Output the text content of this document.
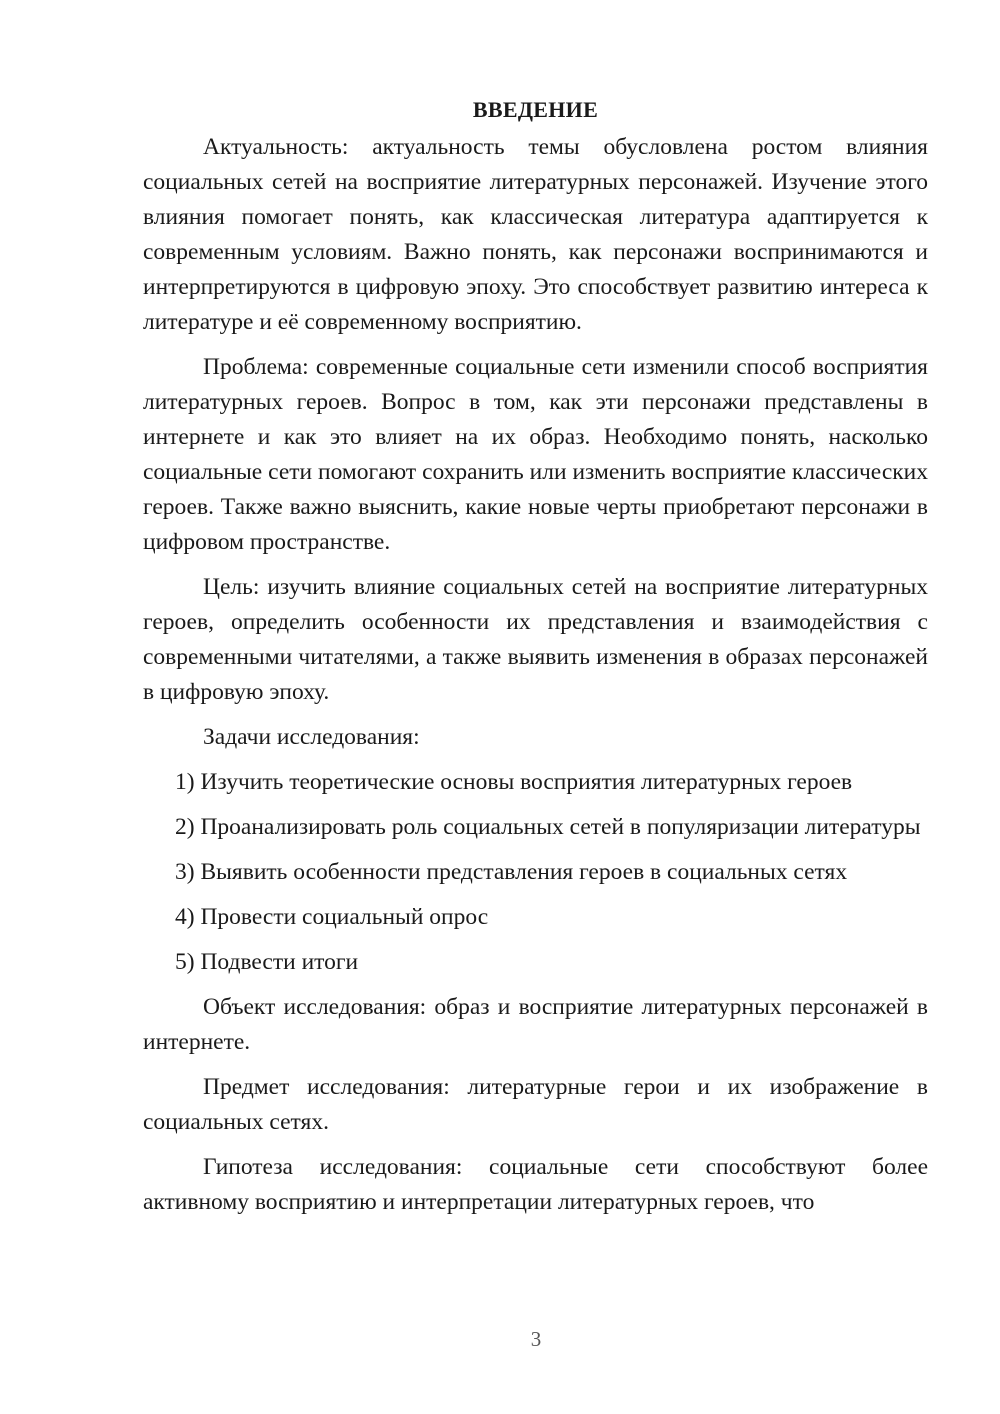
ВВЕДЕНИЕ

Актуальность: актуальность темы обусловлена ростом влияния социальных сетей на восприятие литературных персонажей. Изучение этого влияния помогает понять, как классическая литература адаптируется к современным условиям. Важно понять, как персонажи воспринимаются и интерпретируются в цифровую эпоху. Это способствует развитию интереса к литературе и её современному восприятию.

Проблема: современные социальные сети изменили способ восприятия литературных героев. Вопрос в том, как эти персонажи представлены в интернете и как это влияет на их образ. Необходимо понять, насколько социальные сети помогают сохранить или изменить восприятие классических героев. Также важно выяснить, какие новые черты приобретают персонажи в цифровом пространстве.

Цель: изучить влияние социальных сетей на восприятие литературных героев, определить особенности их представления и взаимодействия с современными читателями, а также выявить изменения в образах персонажей в цифровую эпоху.

Задачи исследования:

1) Изучить теоретические основы восприятия литературных героев

2) Проанализировать роль социальных сетей в популяризации литературы

3) Выявить особенности представления героев в социальных сетях

4) Провести социальный опрос

5) Подвести итоги

Объект исследования: образ и восприятие литературных персонажей в интернете.

Предмет исследования: литературные герои и их изображение в социальных сетях.

Гипотеза исследования: социальные сети способствуют более активному восприятию и интерпретации литературных героев, что

3
